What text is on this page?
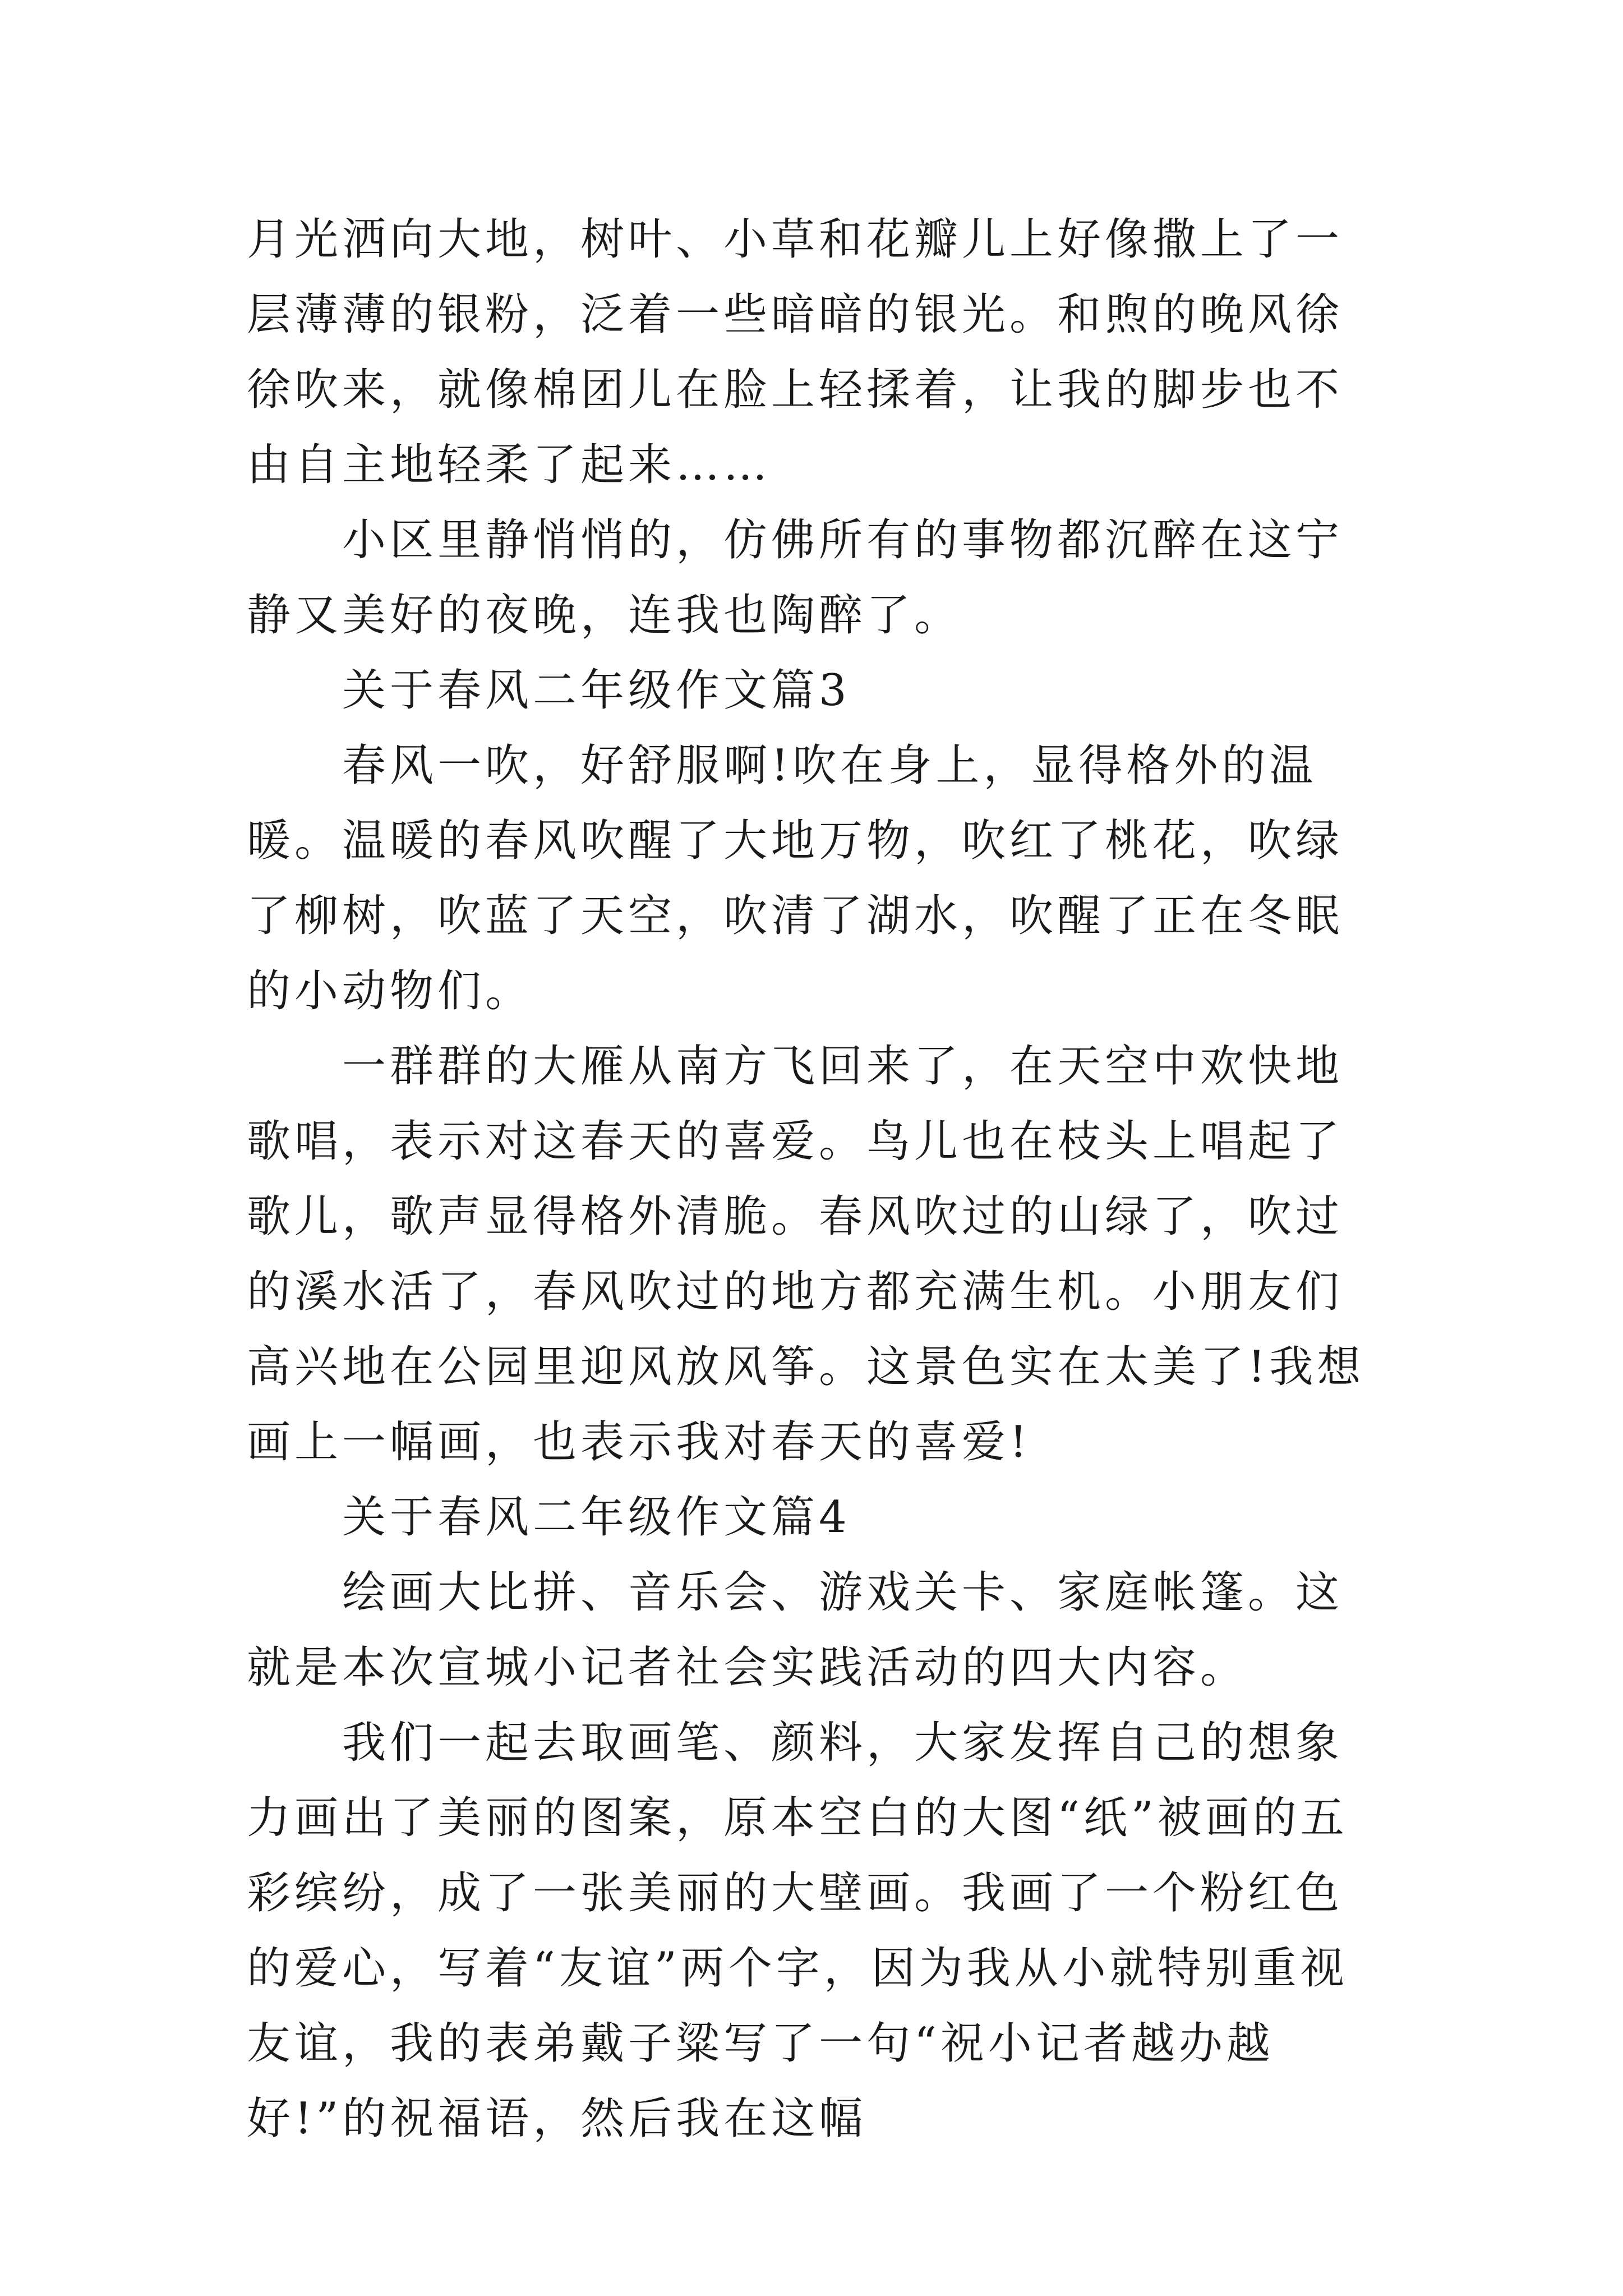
月光洒向大地，树叶、小草和花瓣儿上好像撒上了一层薄薄的银粉，泛着一些暗暗的银光。和煦的晚风徐徐吹来，就像棉团儿在脸上轻揉着，让我的脚步也不由自主地轻柔了起来……

小区里静悄悄的，仿佛所有的事物都沉醉在这宁静又美好的夜晚，连我也陶醉了。

关于春风二年级作文篇3

春风一吹，好舒服啊!吹在身上，显得格外的温暖。温暖的春风吹醒了大地万物，吹红了桃花，吹绿了柳树，吹蓝了天空，吹清了湖水，吹醒了正在冬眠的小动物们。

一群群的大雁从南方飞回来了，在天空中欢快地歌唱，表示对这春天的喜爱。鸟儿也在枝头上唱起了歌儿，歌声显得格外清脆。春风吹过的山绿了，吹过的溪水活了，春风吹过的地方都充满生机。小朋友们高兴地在公园里迎风放风筝。这景色实在太美了!我想画上一幅画，也表示我对春天的喜爱!

关于春风二年级作文篇4

绘画大比拼、音乐会、游戏关卡、家庭帐篷。这就是本次宣城小记者社会实践活动的四大内容。

我们一起去取画笔、颜料，大家发挥自己的想象力画出了美丽的图案，原本空白的大图“纸”被画的五彩缤纷，成了一张美丽的大壁画。我画了一个粉红色的爱心，写着“友谊”两个字，因为我从小就特别重视友谊，我的表弟戴子粱写了一句“祝小记者越办越好!”的祝福语，然后我在这幅
